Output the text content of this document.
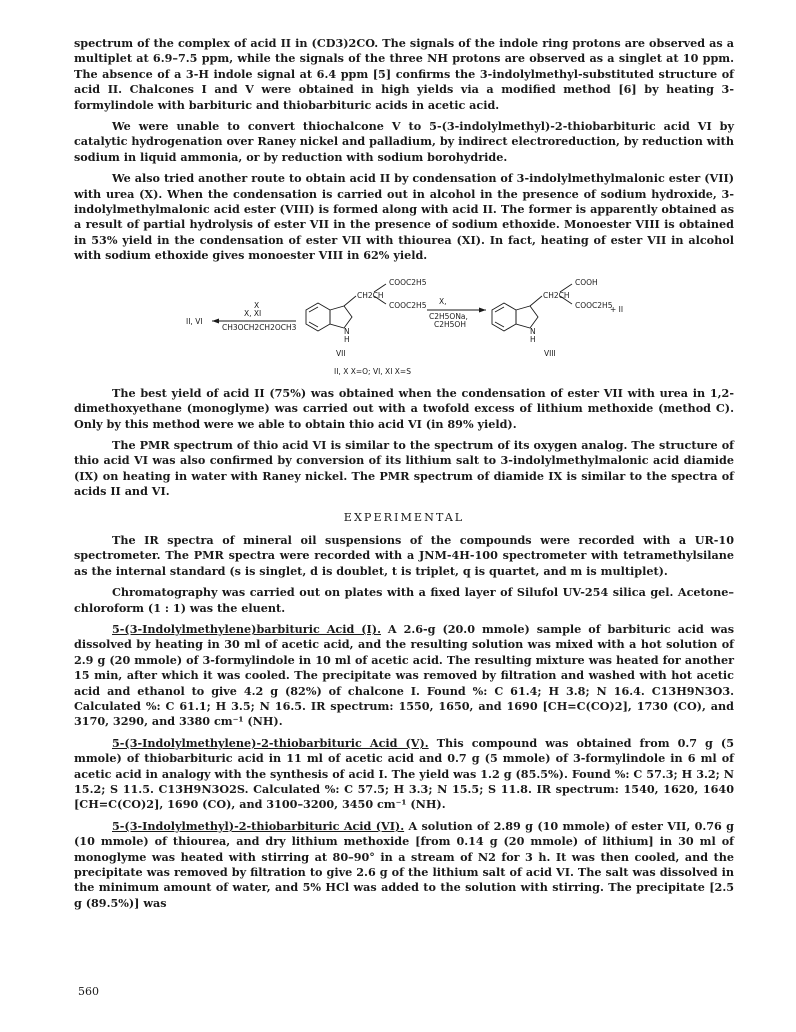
spectrum of the complex of acid II in (CD3)2CO. The signals of the indole ring protons are observed as a multiplet at 6.9–7.5 ppm, while the signals of the three NH protons are observed as a singlet at 10 ppm. The absence of a 3-H indole signal at 6.4 ppm [5] confirms the 3-indolylmethyl-substituted structure of acid II. Chalcones I and V were obtained in high yields via a modified method [6] by heating 3-formylindole with barbituric and thiobarbituric acids in acetic acid.

We were unable to convert thiochalcone V to 5-(3-indolylmethyl)-2-thiobarbituric acid VI by catalytic hydrogenation over Raney nickel and palladium, by indirect electroreduction, by reduction with sodium in liquid ammonia, or by reduction with sodium borohydride.

We also tried another route to obtain acid II by condensation of 3-indolylmethylmalonic ester (VII) with urea (X). When the condensation is carried out in alcohol in the presence of sodium hydroxide, 3-indolylmethylmalonic acid ester (VIII) is formed along with acid II. The former is apparently obtained as a result of partial hydrolysis of ester VII in the presence of sodium ethoxide. Monoester VIII is obtained in 53% yield in the condensation of ester VII with thiourea (XI). In fact, heating of ester VII in alcohol with sodium ethoxide gives monoester VIII in 62% yield.

II, VI
X
X, XI
CH3OCH2CH2OCH3
COOC2H5
CH2CH
COOC2H5
N
H
VII
X,
C2H5ONa,
C2H5OH
COOH
CH2CH
COOC2H5
+ II
N
H
VIII
II, X X=O; VI, XI X=S

The best yield of acid II (75%) was obtained when the condensation of ester VII with urea in 1,2-dimethoxyethane (monoglyme) was carried out with a twofold excess of lithium methoxide (method C). Only by this method were we able to obtain thio acid VI (in 89% yield).

The PMR spectrum of thio acid VI is similar to the spectrum of its oxygen analog. The structure of thio acid VI was also confirmed by conversion of its lithium salt to 3-indolylmethylmalonic acid diamide (IX) on heating in water with Raney nickel. The PMR spectrum of diamide IX is similar to the spectra of acids II and VI.

EXPERIMENTAL

The IR spectra of mineral oil suspensions of the compounds were recorded with a UR-10 spectrometer. The PMR spectra were recorded with a JNM-4H-100 spectrometer with tetramethylsilane as the internal standard (s is singlet, d is doublet, t is triplet, q is quartet, and m is multiplet).

Chromatography was carried out on plates with a fixed layer of Silufol UV-254 silica gel. Acetone–chloroform (1 : 1) was the eluent.

5-(3-Indolylmethylene)barbituric Acid (I). A 2.6-g (20.0 mmole) sample of barbituric acid was dissolved by heating in 30 ml of acetic acid, and the resulting solution was mixed with a hot solution of 2.9 g (20 mmole) of 3-formylindole in 10 ml of acetic acid. The resulting mixture was heated for another 15 min, after which it was cooled. The precipitate was removed by filtration and washed with hot acetic acid and ethanol to give 4.2 g (82%) of chalcone I. Found %: C 61.4; H 3.8; N 16.4. C13H9N3O3. Calculated %: C 61.1; H 3.5; N 16.5. IR spectrum: 1550, 1650, and 1690 [CH=C(CO)2], 1730 (CO), and 3170, 3290, and 3380 cm⁻¹ (NH).

5-(3-Indolylmethylene)-2-thiobarbituric Acid (V). This compound was obtained from 0.7 g (5 mmole) of thiobarbituric acid in 11 ml of acetic acid and 0.7 g (5 mmole) of 3-formylindole in 6 ml of acetic acid in analogy with the synthesis of acid I. The yield was 1.2 g (85.5%). Found %: C 57.3; H 3.2; N 15.2; S 11.5. C13H9N3O2S. Calculated %: C 57.5; H 3.3; N 15.5; S 11.8. IR spectrum: 1540, 1620, 1640 [CH=C(CO)2], 1690 (CO), and 3100–3200, 3450 cm⁻¹ (NH).

5-(3-Indolylmethyl)-2-thiobarbituric Acid (VI). A solution of 2.89 g (10 mmole) of ester VII, 0.76 g (10 mmole) of thiourea, and dry lithium methoxide [from 0.14 g (20 mmole) of lithium] in 30 ml of monoglyme was heated with stirring at 80–90° in a stream of N2 for 3 h. It was then cooled, and the precipitate was removed by filtration to give 2.6 g of the lithium salt of acid VI. The salt was dissolved in the minimum amount of water, and 5% HCl was added to the solution with stirring. The precipitate [2.5 g (89.5%)] was

560
